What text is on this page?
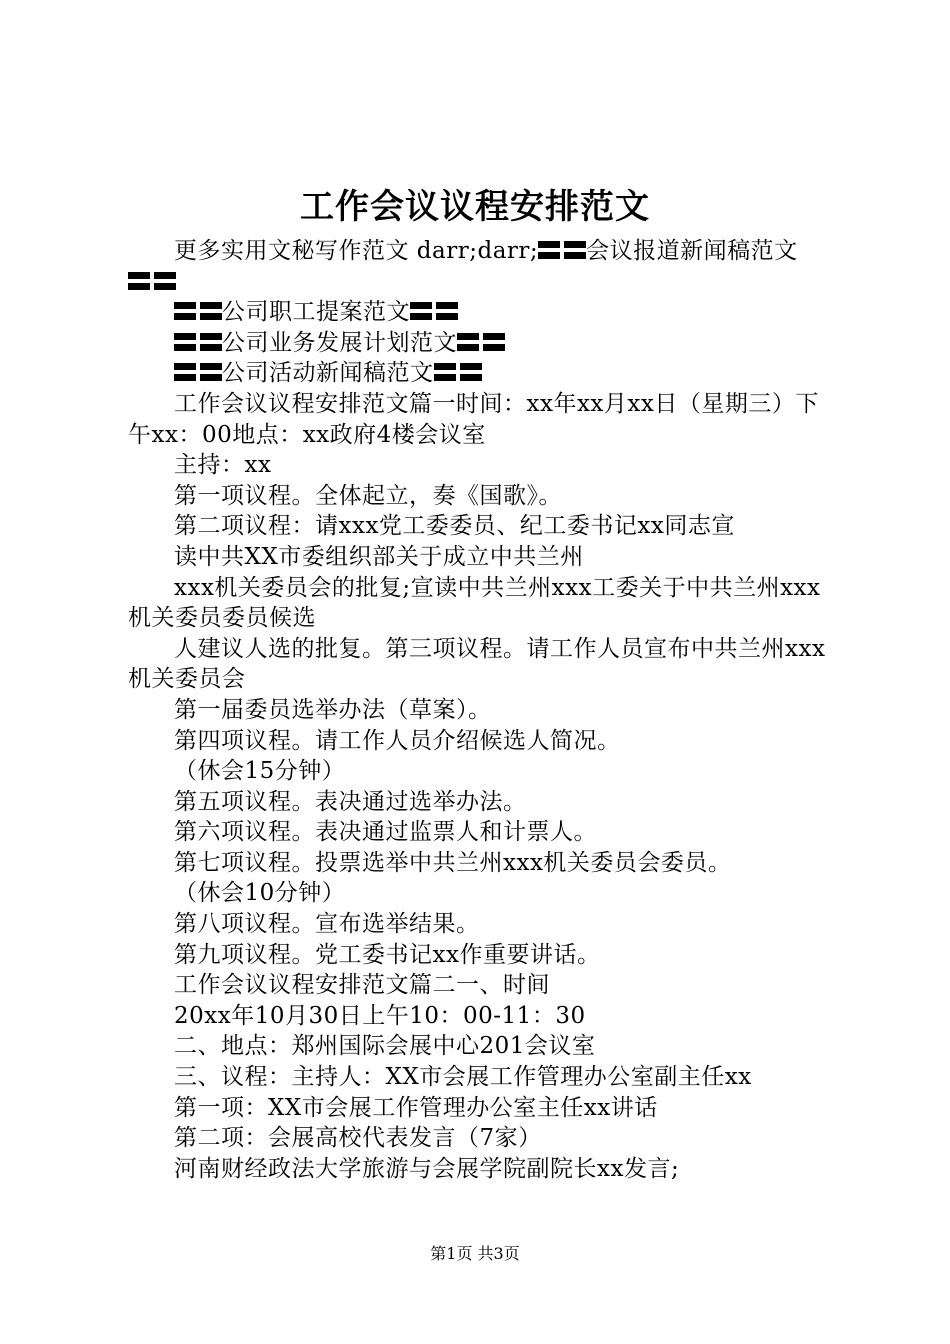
工作会议议程安排范文

更多实用文秘写作范文 darr;darr; 会议报道新闻稿范文

公司职工提案范文

公司业务发展计划范文

公司活动新闻稿范文

工作会议议程安排范文篇一时间：xx年xx月xx日（星期三）下午xx：00地点：xx政府4楼会议室

主持：xx

第一项议程。全体起立，奏《国歌》。

第二项议程：请xxx党工委委员、纪工委书记xx同志宣

读中共XX市委组织部关于成立中共兰州

xxx机关委员会的批复;宣读中共兰州xxx工委关于中共兰州xxx机关委员委员候选

人建议人选的批复。第三项议程。请工作人员宣布中共兰州xxx机关委员会

第一届委员选举办法（草案）。

第四项议程。请工作人员介绍候选人简况。

（休会15分钟）

第五项议程。表决通过选举办法。

第六项议程。表决通过监票人和计票人。

第七项议程。投票选举中共兰州xxx机关委员会委员。

（休会10分钟）

第八项议程。宣布选举结果。

第九项议程。党工委书记xx作重要讲话。

工作会议议程安排范文篇二一、时间

20xx年10月30日上午10：00-11：30

二、地点：郑州国际会展中心201会议室

三、议程：主持人：XX市会展工作管理办公室副主任xx

第一项：XX市会展工作管理办公室主任xx讲话

第二项：会展高校代表发言（7家）

河南财经政法大学旅游与会展学院副院长xx发言;

第1页 共3页
